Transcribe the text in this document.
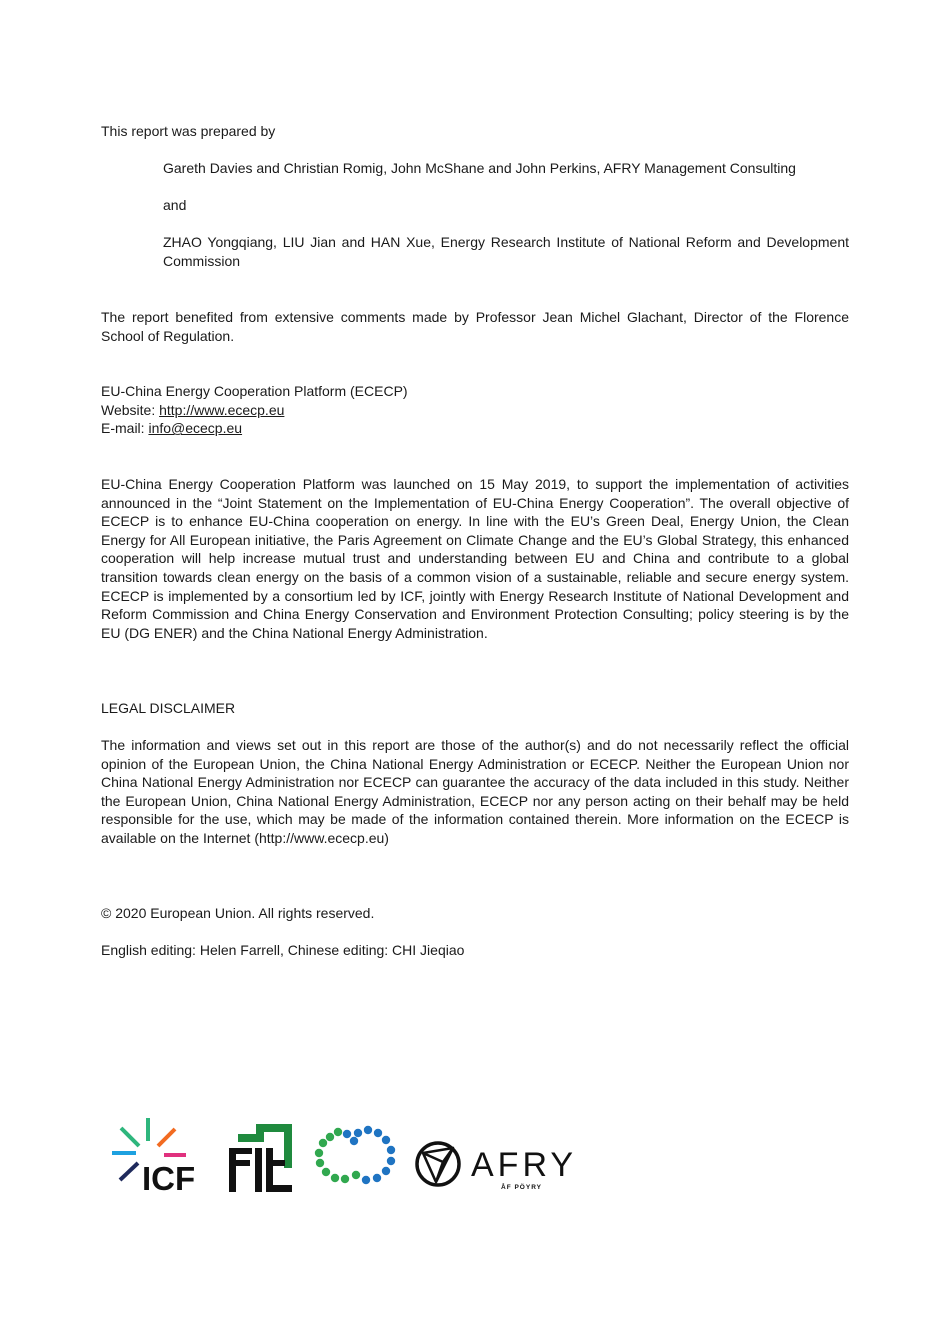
This report was prepared by
Gareth Davies and Christian Romig, John McShane and John Perkins, AFRY Management Consulting
and
ZHAO Yongqiang, LIU Jian and HAN Xue, Energy Research Institute of National Reform and Development Commission
The report benefited from extensive comments made by Professor Jean Michel Glachant, Director of the Florence School of Regulation.
EU-China Energy Cooperation Platform (ECECP)
Website: http://www.ececp.eu
E-mail: info@ececp.eu
EU-China Energy Cooperation Platform was launched on 15 May 2019, to support the implementation of activities announced in the “Joint Statement on the Implementation of EU-China Energy Cooperation”. The overall objective of ECECP is to enhance EU-China cooperation on energy. In line with the EU’s Green Deal, Energy Union, the Clean Energy for All European initiative, the Paris Agreement on Climate Change and the EU’s Global Strategy, this enhanced cooperation will help increase mutual trust and understanding between EU and China and contribute to a global transition towards clean energy on the basis of a common vision of a sustainable, reliable and secure energy system. ECECP is implemented by a consortium led by ICF, jointly with Energy Research Institute of National Development and Reform Commission and China Energy Conservation and Environment Protection Consulting; policy steering is by the EU (DG ENER) and the China National Energy Administration.
LEGAL DISCLAIMER
The information and views set out in this report are those of the author(s) and do not necessarily reflect the official opinion of the European Union, the China National Energy Administration or ECECP. Neither the European Union nor China National Energy Administration nor ECECP can guarantee the accuracy of the data included in this study. Neither the European Union, China National Energy Administration, ECECP nor any person acting on their behalf may be held responsible for the use, which may be made of the information contained therein. More information on the ECECP is available on the Internet (http://www.ececp.eu)
© 2020 European Union. All rights reserved.
English editing: Helen Farrell, Chinese editing: CHI Jieqiao
ICF	AFRY
ÅF PÖYRY
